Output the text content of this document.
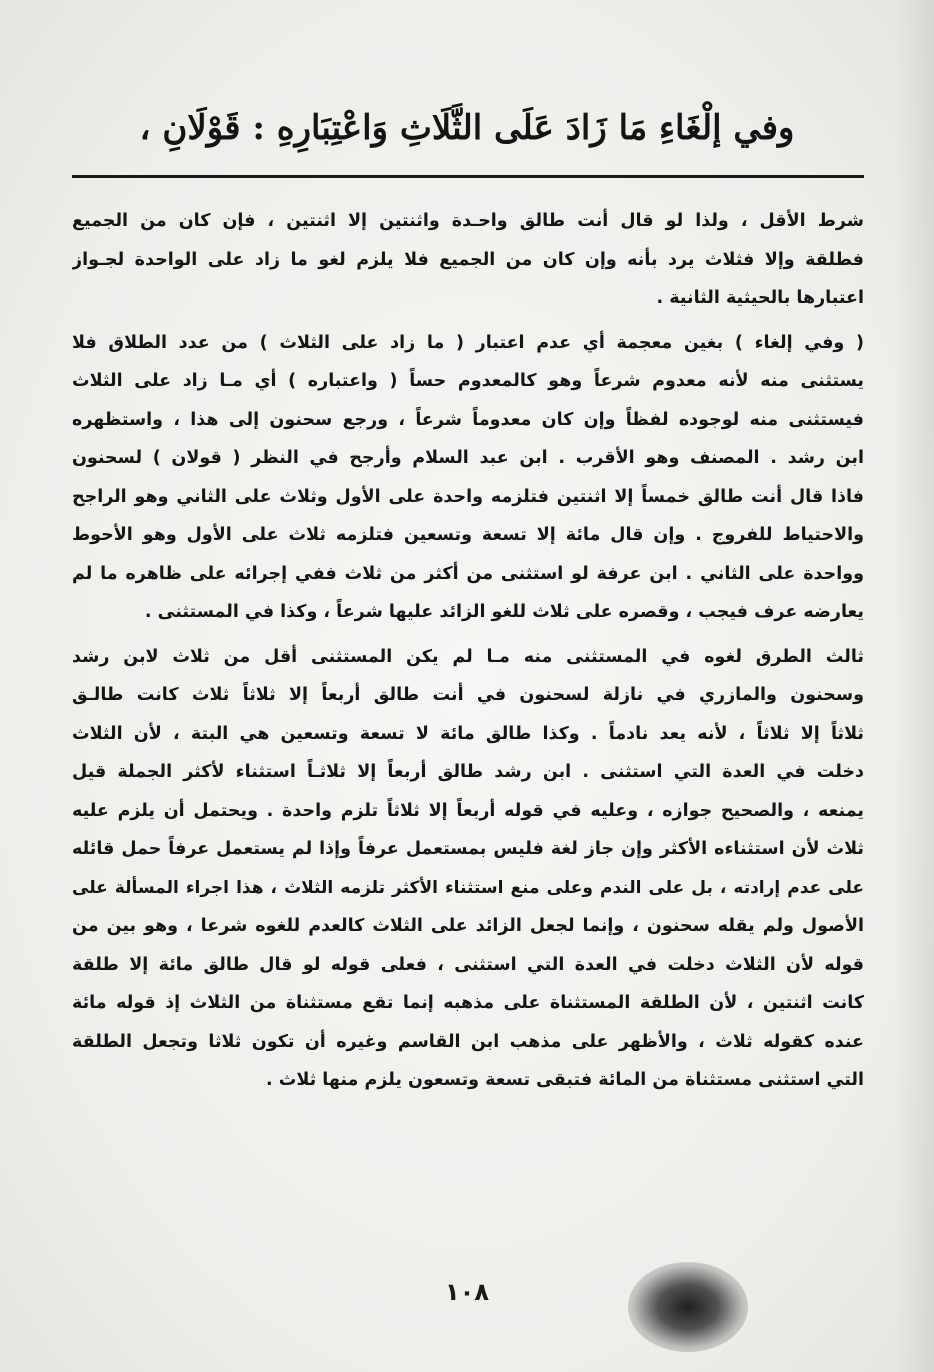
وفي إلْغَاءِ مَا زَادَ عَلَى الثَّلَاثِ وَاعْتِبَارِهِ : قَوْلَانِ ،
شرط الأقل ، ولذا لو قال أنت طالق واحـدة واثنتين إلا اثنتين ، فإن كان من الجميع
فطلقة وإلا فثلاث يرد بأنه وإن كان من الجميع فلا يلزم لغو ما زاد على الواحدة لجـواز
اعتبارها بالحيثية الثانية .
( وفي إلغاء ) بغين معجمة أي عدم اعتبار ( ما زاد على الثلاث ) من عدد الطلاق فلا
يستثنى منه لأنه معدوم شرعاً وهو كالمعدوم حساً ( واعتباره ) أي مـا زاد على الثلاث
فيستثنى منه لوجوده لفظاً وإن كان معدوماً شرعاً ، ورجع سحنون إلى هذا ، واستظهره
ابن رشد . المصنف وهو الأقرب . ابن عبد السلام وأرجح في النظر ( قولان ) لسحنون
فاذا قال أنت طالق خمساً إلا اثنتين فتلزمه واحدة على الأول وثلاث على الثاني وهو الراجح
والاحتياط للفروج . وإن قال مائة إلا تسعة وتسعين فتلزمه ثلاث على الأول وهو الأحوط
وواحدة على الثاني . ابن عرفة لو استثنى من أكثر من ثلاث ففي إجرائه على ظاهره ما لم
يعارضه عرف فيجب ، وقصره على ثلاث للغو الزائد عليها شرعاً ، وكذا في المستثنى .
ثالث الطرق لغوه في المستثنى منه مـا لم يكن المستثنى أقل من ثلاث لابن رشد
وسحنون والمازري في نازلة لسحنون في أنت طالق أربعاً إلا ثلاثاً ثلاث كانت طالـق
ثلاثاً إلا ثلاثاً ، لأنه يعد نادماً . وكذا طالق مائة لا تسعة وتسعين هي البتة ، لأن الثلاث
دخلت في العدة التي استثنى . ابن رشد طالق أربعاً إلا ثلاثـاً استثناء لأكثر الجملة قيل
يمنعه ، والصحيح جوازه ، وعليه في قوله أربعاً إلا ثلاثاً تلزم واحدة . ويحتمل أن يلزم عليه
ثلاث لأن استثناءه الأكثر وإن جاز لغة فليس بمستعمل عرفاً وإذا لم يستعمل عرفاً حمل قائله
على عدم إرادته ، بل على الندم وعلى منع استثناء الأكثر تلزمه الثلاث ، هذا اجراء المسألة على
الأصول ولم يقله سحنون ، وإنما لجعل الزائد على الثلاث كالعدم للغوه شرعا ، وهو بين من
قوله لأن الثلاث دخلت في العدة التي استثنى ، فعلى قوله لو قال طالق مائة إلا طلقة
كانت اثنتين ، لأن الطلقة المستثناة على مذهبه إنما تقع مستثناة من الثلاث إذ قوله مائة
عنده كقوله ثلاث ، والأظهر على مذهب ابن القاسم وغيره أن تكون ثلاثا وتجعل الطلقة
التي استثنى مستثناة من المائة فتبقى تسعة وتسعون يلزم منها ثلاث .
١٠٨
